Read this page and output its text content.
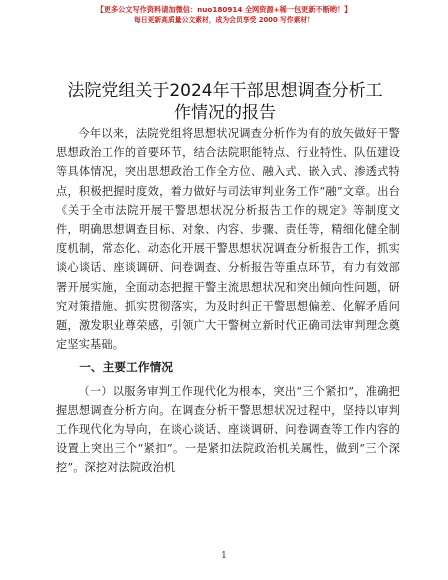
【更多公文写作资料请加微信：nuo180914 全网资源+稀一包更新不断哟！】
每日更新高质量公文素材，成为会员享受 2000 写作素材！
法院党组关于2024年干部思想调查分析工作情况的报告

今年以来，法院党组将思想状况调查分析作为有的放矢做好干警思想政治工作的首要环节，结合法院职能特点、行业特性、队伍建设等具体情况，突出思想政治工作全方位、融入式、嵌入式、渗透式特点，积极把握时度效，着力做好与司法审判业务工作“融”文章。出台《关于全市法院开展干警思想状况分析报告工作的规定》等制度文件，明确思想调查目标、对象、内容、步骤、责任等，精细化健全制度机制，常态化、动态化开展干警思想状况调查分析报告工作，抓实谈心谈话、座谈调研、问卷调查、分析报告等重点环节，有力有效部署开展实施，全面动态把握干警主流思想状况和突出倾向性问题，研究对策措施、抓实贯彻落实，为及时纠正干警思想偏差、化解矛盾问题，激发职业尊荣感，引领广大干警树立新时代正确司法审判理念奠定坚实基础。

一、主要工作情况

（一）以服务审判工作现代化为根本，突出“三个紧扣”，准确把握思想调查分析方向。在调查分析干警思想状况过程中，坚持以审判工作现代化为导向，在谈心谈话、座谈调研、问卷调查等工作内容的设置上突出三个“紧扣”。一是紧扣法院政治机关属性，做到“三个深挖”。深挖对法院政治机

1
